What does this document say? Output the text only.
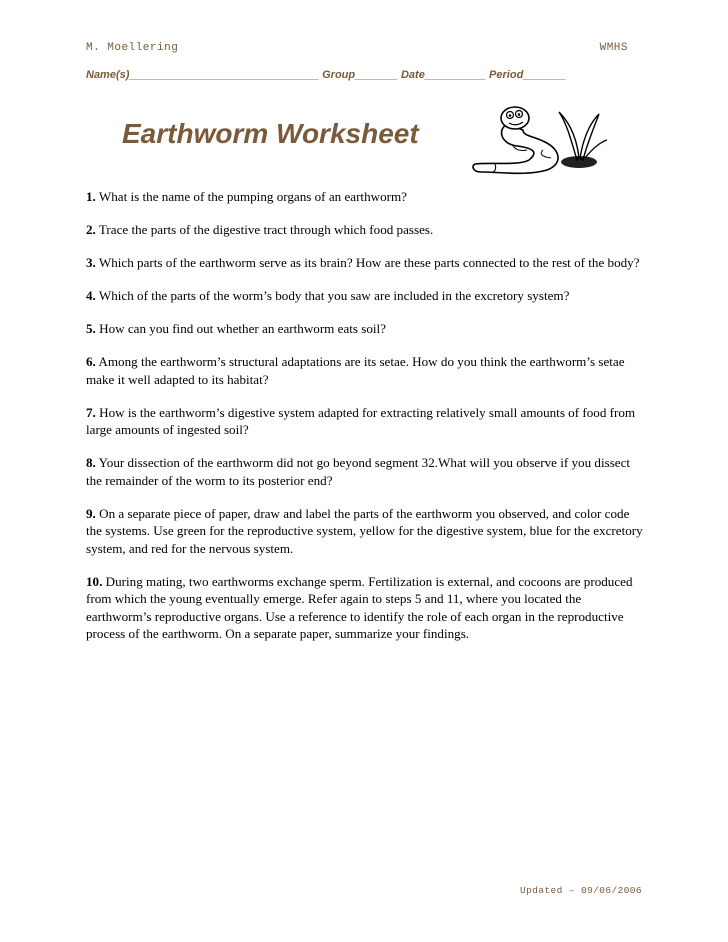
M. Moellering	WMHS
Name(s)_______________________________ Group_______ Date__________ Period_______
Earthworm Worksheet

1. What is the name of the pumping organs of an earthworm?

2. Trace the parts of the digestive tract through which food passes.

3. Which parts of the earthworm serve as its brain? How are these parts connected to the rest of the body?

4. Which of the parts of the worm’s body that you saw are included in the excretory system?

5. How can you find out whether an earthworm eats soil?

6. Among the earthworm’s structural adaptations are its setae. How do you think the earthworm’s setae make it well adapted to its habitat?

7. How is the earthworm’s digestive system adapted for extracting relatively small amounts of food from large amounts of ingested soil?

8. Your dissection of the earthworm did not go beyond segment 32.What will you observe if you dissect the remainder of the worm to its posterior end?

9. On a separate piece of paper, draw and label the parts of the earthworm you observed, and color code the systems. Use green for the reproductive system, yellow for the digestive system, blue for the excretory system, and red for the nervous system.

10. During mating, two earthworms exchange sperm. Fertilization is external, and cocoons are produced from which the young eventually emerge. Refer again to steps 5 and 11, where you located the earthworm’s reproductive organs. Use a reference to identify the role of each organ in the reproductive process of the earthworm. On a separate paper, summarize your findings.

Updated – 09/06/2006
